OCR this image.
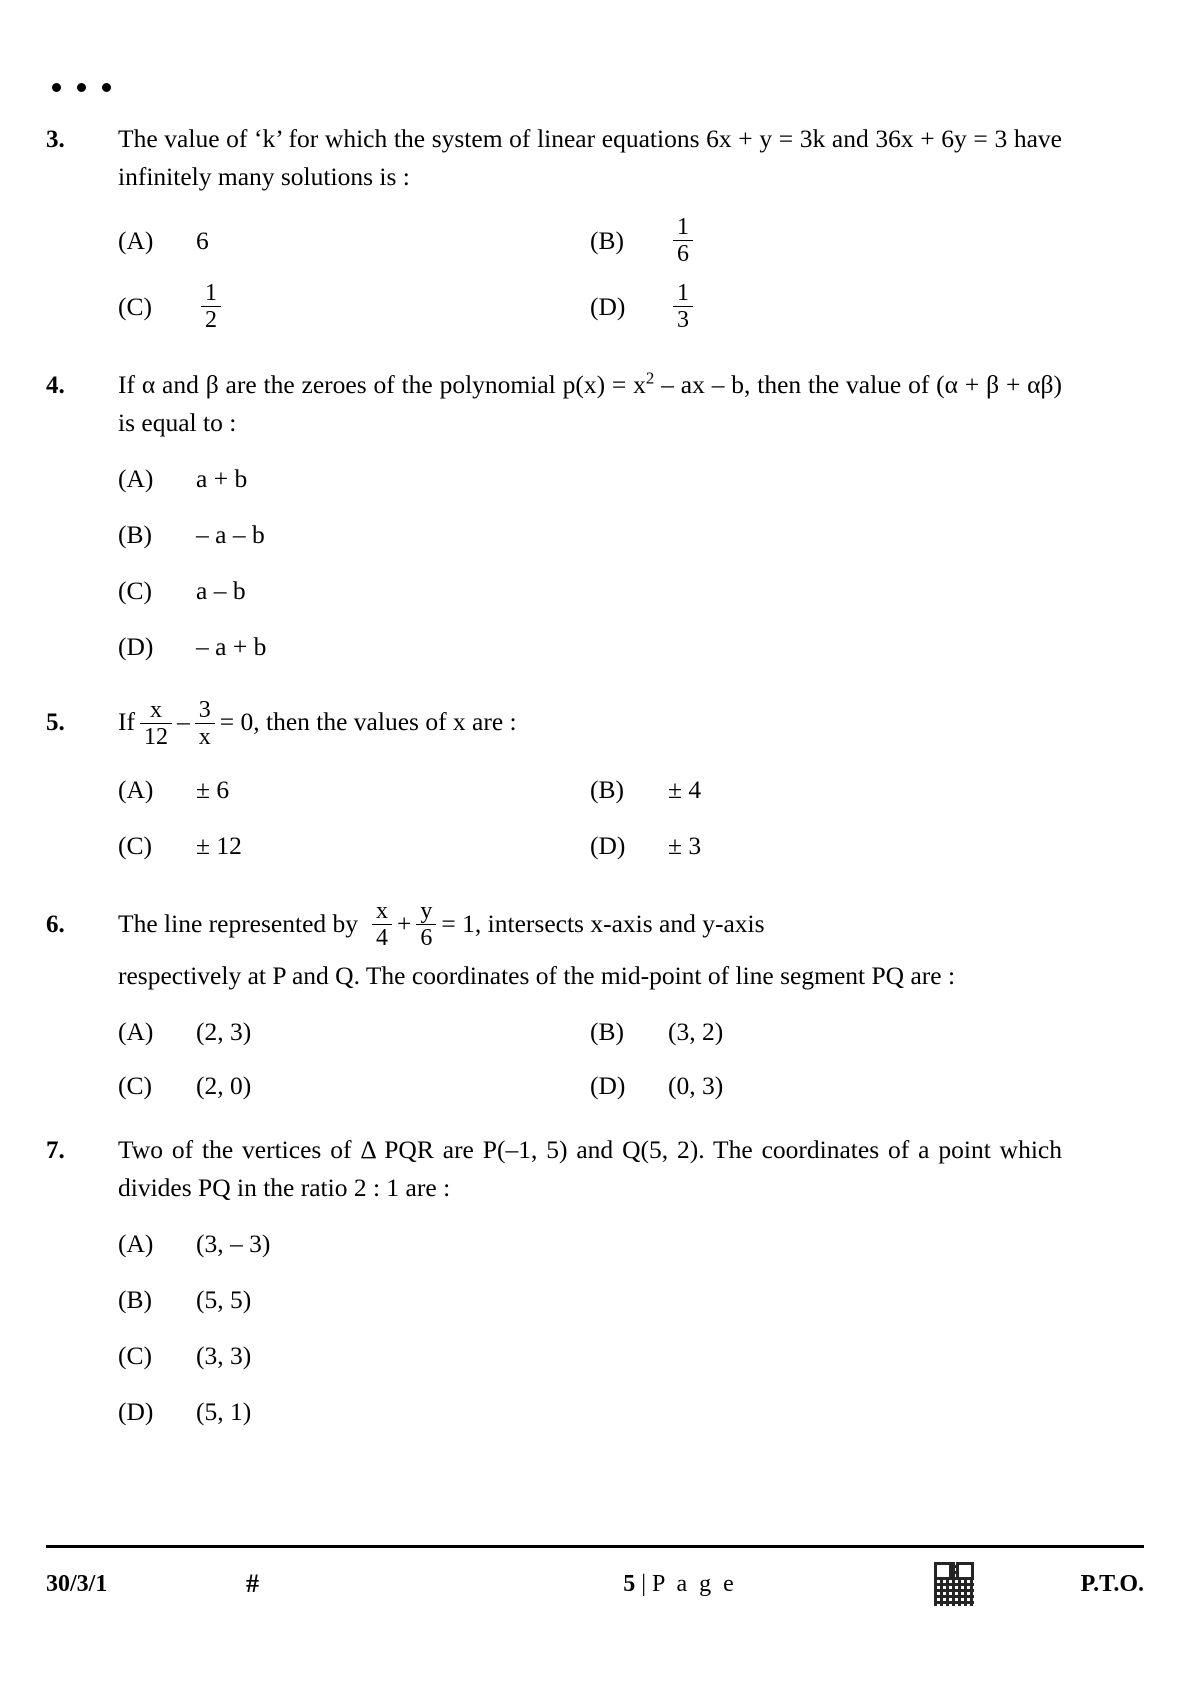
3.	The value of ‘k’ for which the system of linear equations 6x + y = 3k and 36x + 6y = 3 have infinitely many solutions is :
(A)	6	(B)	$\frac{1}{6}$
(C)	$\frac{1}{2}$	(D)	$\frac{1}{3}$
4.	If α and β are the zeroes of the polynomial $p(x) = x^2$ – ax – b, then the value of (α + β + αβ) is equal to :
(A)	a + b
(B)	– a – b
(C)	a – b
(D)	– a + b
5.	If $\frac{x}{12} - \frac{3}{x} = 0$, then the values of x are :
(A)	± 6	(B)	± 4
(C)	± 12	(D)	± 3
6.	The line represented by $\frac{x}{4} + \frac{y}{6} = 1$, intersects x-axis and y-axis
respectively at P and Q. The coordinates of the mid-point of line segment PQ are :
(A)	(2, 3)	(B)	(3, 2)
(C)	(2, 0)	(D)	(0, 3)
7.	Two of the vertices of Δ PQR are P(–1, 5) and Q(5, 2). The coordinates of a point which divides PQ in the ratio 2 : 1 are :
(A)	(3, – 3)
(B)	(5, 5)
(C)	(3, 3)
(D)	(5, 1)
30/3/1	#	5 | P a g e	P.T.O.
